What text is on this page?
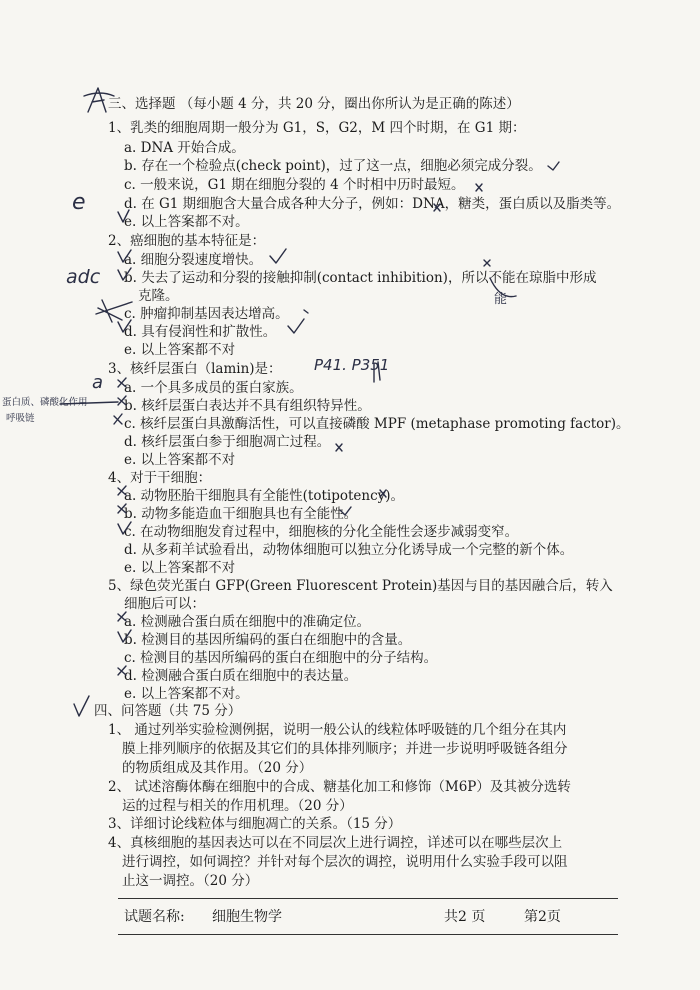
三、选择题 （每小题 4 分，共 20 分，圈出你所认为是正确的陈述）
1、乳类的细胞周期一般分为 G1，S，G2，M 四个时期，在 G1 期：
a. DNA 开始合成。
b. 存在一个检验点(check point)，过了这一点，细胞必须完成分裂。
c. 一般来说，G1 期在细胞分裂的 4 个时相中历时最短。
d. 在 G1 期细胞含大量合成各种大分子，例如：DNA，糖类，蛋白质以及脂类等。
e. 以上答案都不对。
2、癌细胞的基本特征是：
a. 细胞分裂速度增快。
b. 失去了运动和分裂的接触抑制(contact inhibition)，所以不能在琼脂中形成
克隆。
c. 肿瘤抑制基因表达增高。
d. 具有侵润性和扩散性。
e. 以上答案都不对
3、核纤层蛋白（lamin)是：
a. 一个具多成员的蛋白家族。
b. 核纤层蛋白表达并不具有组织特异性。
c. 核纤层蛋白具激酶活性，可以直接磷酸 MPF (metaphase promoting factor)。
d. 核纤层蛋白参于细胞凋亡过程。
e. 以上答案都不对
4、对于干细胞：
a. 动物胚胎干细胞具有全能性(totipotency)。
b. 动物多能造血干细胞具也有全能性。
c. 在动物细胞发育过程中，细胞核的分化全能性会逐步减弱变窄。
d. 从多莉羊试验看出，动物体细胞可以独立分化诱导成一个完整的新个体。
e. 以上答案都不对
5、绿色荧光蛋白 GFP(Green Fluorescent Protein)基因与目的基因融合后，转入
细胞后可以：
a. 检测融合蛋白质在细胞中的准确定位。
b. 检测目的基因所编码的蛋白在细胞中的含量。
c. 检测目的基因所编码的蛋白在细胞中的分子结构。
d. 检测融合蛋白质在细胞中的表达量。
e. 以上答案都不对。
四、问答题（共 75 分）
1、 通过列举实验检测例据，说明一般公认的线粒体呼吸链的几个组分在其内
膜上排列顺序的依据及其它们的具体排列顺序；并进一步说明呼吸链各组分
的物质组成及其作用。（20 分）
2、 试述溶酶体酶在细胞中的合成、糖基化加工和修饰（M6P）及其被分选转
运的过程与相关的作用机理。（20 分）
3、详细讨论线粒体与细胞凋亡的关系。（15 分）
4、真核细胞的基因表达可以在不同层次上进行调控，详述可以在哪些层次上
进行调控，如何调控？并针对每个层次的调控，说明用什么实验手段可以阻
止这一调控。（20 分）
试题名称: 细胞生物学	共2 页	第2页
e
adc
a
P41. P351
能
蛋白质、磷酸化作用
呼吸链
